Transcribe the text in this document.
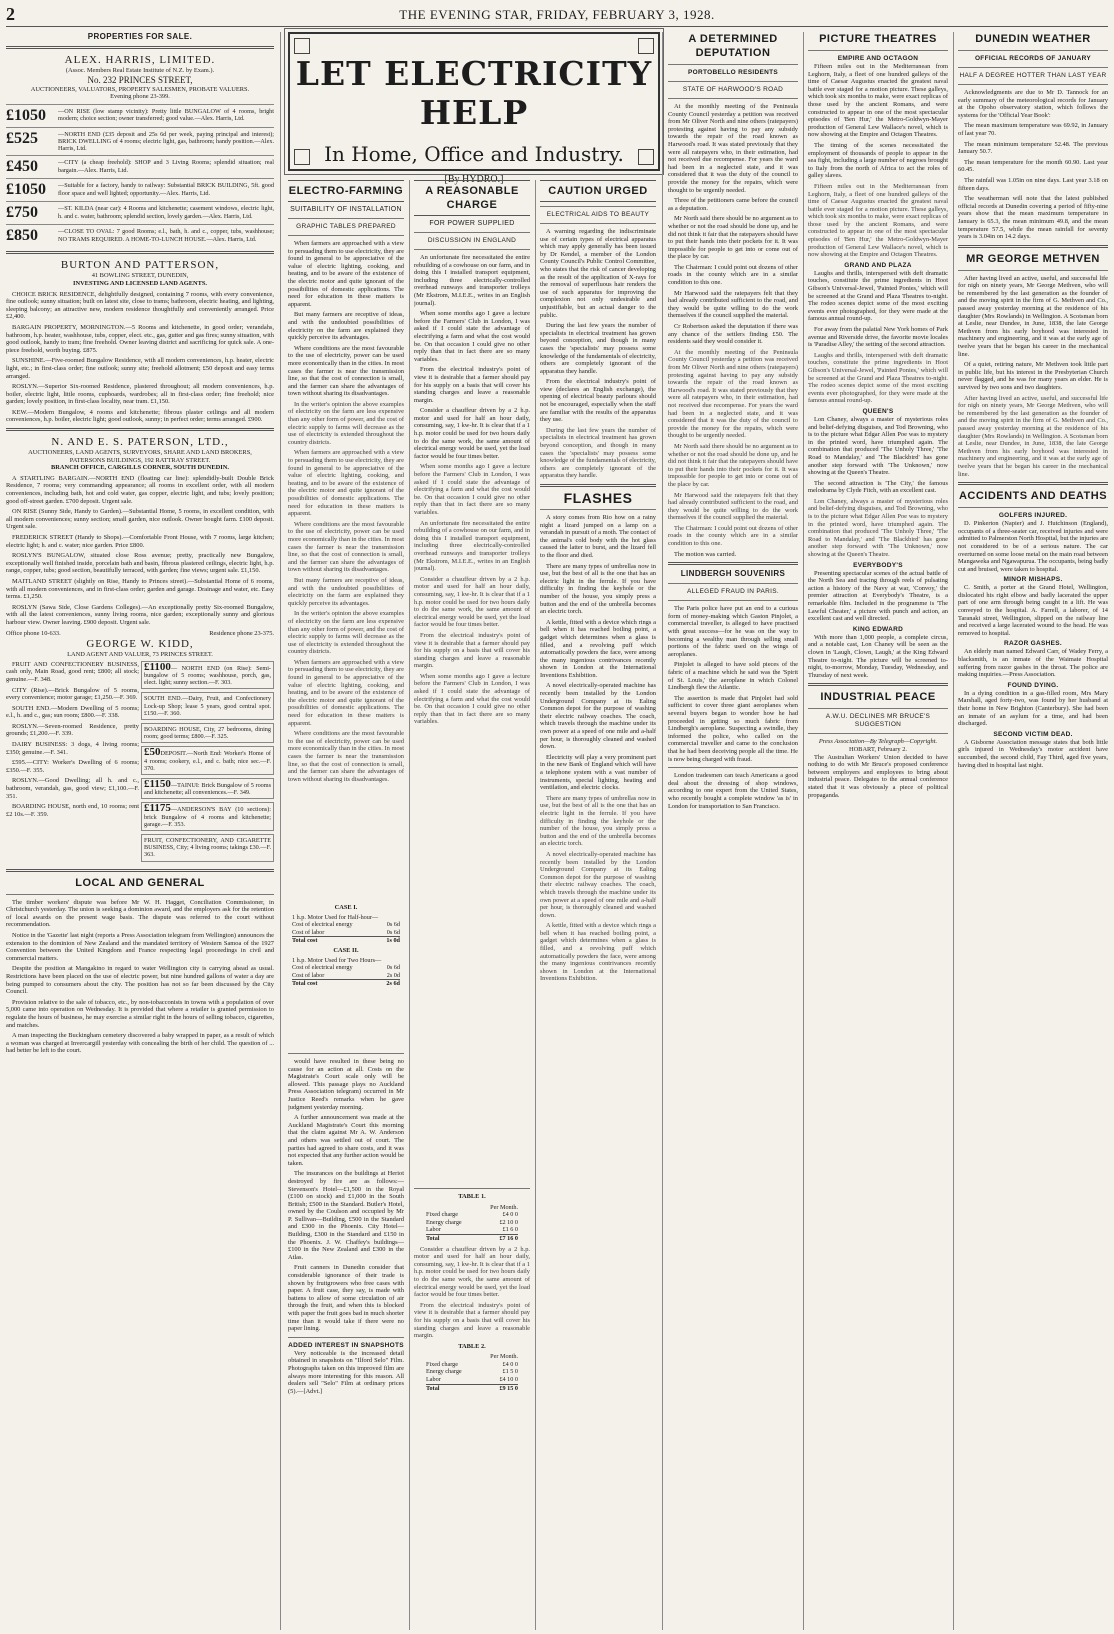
2	THE EVENING STAR, FRIDAY, FEBRUARY 3, 1928.
PROPERTIES FOR SALE.
ALEX. HARRIS, LIMITED.
(Assoc. Members Real Estate Institute of N.Z. by Exam.).
No. 232 PRINCES STREET,
AUCTIONEERS, VALUATORS, PROPERTY SALESMEN, PROBATE VALUERS.
Evening phone 23-399.
£1050	—ON RISE (low stamp vicinity): Pretty little BUNGALOW of 4 rooms, bright modern; choice section; owner transferred; good value.—Alex. Harris, Ltd.
£525	—NORTH END (£35 deposit and 25s 6d per week, paying principal and interest); BRICK DWELLING of 4 rooms; electric light, gas, bathroom; handy position.—Alex. Harris, Ltd.
£450	—CITY (a cheap freehold): SHOP and 3 Living Rooms; splendid situation; real bargain.—Alex. Harris, Ltd.
£1050	—Suitable for a factory, handy to railway: Substantial BRICK BUILDING, 5ft. good floor space and well lighted; opportunity.—Alex. Harris, Ltd.
£750	—ST. KILDA (near car): 4 Rooms and kitchenette; casement windows, electric light, h. and c. water, bathroom; splendid section, lovely garden.—Alex. Harris, Ltd.
£850	—CLOSE TO OVAL: 7 good Rooms; e.l., bath, h. and c., copper, tubs, washhouse; NO TRAMS REQUIRED. A HOME-TO-LUNCH HOUSE.—Alex. Harris, Ltd.
BURTON AND PATTERSON,
41 BOWLING STREET, DUNEDIN,
INVESTING AND LICENSED LAND AGENTS.

CHOICE BRICK RESIDENCE, delightfully designed, containing 7 rooms, with every convenience, fine outlook; sunny situation; built on latest site, close to trams; bathroom, electric heating, and lighting, sleeping balcony; an attractive new, modern residence thoughtfully and conveniently arranged. Price £2,400.

BARGAIN PROPERTY, MORNINGTON.—5 Rooms and kitchenette, in good order; verandahs, bathroom, h.p. heater, washhouse, tubs, copper, elect. etc., gas, gutter and gas fires; sunny situation, with good outlook, handy to tram; fine freehold. Owner leaving district and sacrificing for quick sale. A one-piece freehold, worth buying. £875.

SUNSHINE.—Five-roomed Bungalow Residence, with all modern conveniences, h.p. heater, electric light, etc.; in first-class order; fine outlook; sunny site; freehold allotment; £50 deposit and easy terms arranged.

ROSLYN.—Superior Six-roomed Residence, plastered throughout; all modern conveniences, h.p. boiler, electric light, little rooms, cupboards, wardrobes; all in first-class order; fine freehold; nice garden; lovely position, in first-class locality, near tram. £1,150.

KEW.—Modern Bungalow, 4 rooms and kitchenette; fibrous plaster ceilings and all modern conveniences, h.p. boiler, electric light; good outlook, sunny; in perfect order; terms arranged. £900.

N. AND E. S. PATERSON, LTD.,
AUCTIONEERS, LAND AGENTS, SURVEYORS, SHARE AND LAND BROKERS,
PATERSONS BUILDINGS, 192 RATTRAY STREET.
BRANCH OFFICE, CARGILLS CORNER, SOUTH DUNEDIN.

A STARTLING BARGAIN.—NORTH END (floating car line): splendidly-built Double Brick Residence, 7 rooms; very commanding appearance; all rooms in excellent order, with all modern conveniences, including bath, hot and cold water, gas copper, electric light, and tubs; lovely position; good off-street garden. £700 deposit. Urgent sale.

ON RISE (Sunny Side, Handy to Garden).—Substantial Home, 5 rooms, in excellent condition, with all modern conveniences; sunny section; small garden, nice outlook. Owner bought farm. £100 deposit. Urgent sale.

FREDERICK STREET (Handy to Shops).—Comfortable Front House, with 7 rooms, large kitchen; electric light; h. and c. water; nice garden. Price £800.

ROSLYN'S BUNGALOW, situated close Ross avenue; pretty, practically new Bungalow, exceptionally well finished inside, porcelain bath and basin, fibrous plastered ceilings, electric light, h.p. range, copper, tubs; good section, beautifully terraced, with garden; fine views; urgent sale. £1,150.

MAITLAND STREET (slightly on Rise, Handy to Princes street).—Substantial Home of 6 rooms, with all modern conveniences, and in first-class order; garden and garage. Drainage and water, etc. Easy terms. £1,250.

ROSLYN (Sawa Side, Close Gardens Colleges).—An exceptionally pretty Six-roomed Bungalow, with all the latest conveniences, sunny living rooms, nice garden; exceptionally sunny and glorious harbour view. Owner leaving. £900 deposit. Urgent sale.

Office phone 10-633.	Residence phone 23-375.
GEORGE W. KIDD,
LAND AGENT AND VALUER, 73 PRINCES STREET.

FRUIT AND CONFECTIONERY BUSINESS, cash only, Main Road, good rent; £800; all stock; genuine.—F. 348.

CITY (Rise).—Brick Bungalow of 5 rooms, every convenience; motor garage; £1,250.—F. 369.

SOUTH END.—Modern Dwelling of 5 rooms; e.l., h. and c., gas; sun room; £800.—F. 338.

ROSLYN.—Seven-roomed Residence, pretty grounds; £1,200.—F. 339.

DAIRY BUSINESS: 3 dogs, 4 living rooms; £350; genuine.—F. 341.

£595.—CITY: Worker's Dwelling of 6 rooms; £350.—F. 355.

ROSLYN.—Good Dwelling; all h. and c., bathroom, verandah, gas, good view; £1,100.—F. 351.

BOARDING HOUSE, north end, 10 rooms; rent £2 10s.—F. 359.

£1100— NORTH END (on Rise): Semi-bungalow of 5 rooms; washhouse, porch, gas, elect. light; sunny section.—F. 303.
SOUTH END.—Dairy, Fruit, and Confectionery Lock-up Shop; lease 5 years, good central spot. £150.—F. 360.
BOARDING HOUSE, City, 27 bedrooms, dining room; good terms; £800.—F. 325.
£50DEPOSIT.—North End: Worker's Home of 4 rooms; cookery, e.l., and c. bath; nice sec.—F. 370.
£1150—TAINUI: Brick Bungalow of 5 rooms and kitchenette; all conveniences.—F. 349.
£1175—ANDERSON'S BAY (10 sections): brick Bungalow of 4 rooms and kitchenette; garage.—F. 353.
FRUIT, CONFECTIONERY, AND CIGARETTE BUSINESS, City; 4 living rooms; takings £30.—F. 363.
LOCAL AND GENERAL

The timber workers' dispute was before Mr W. H. Hagget, Conciliation Commissioner, in Christchurch yesterday. The union is seeking a dominion award, and the employers ask for the retention of local awards on the present wage basis. The dispute was referred to the court without recommendation.

Notice in the 'Gazette' last night (reports a Press Association telegram from Wellington) announces the extension to the dominion of New Zealand and the mandated territory of Western Samoa of the 1927 Convention between the United Kingdom and France respecting legal proceedings in civil and commercial matters.

Despite the position at Mangakino in regard to water Wellington city is carrying ahead as usual. Restrictions have been placed on the use of electric power, but nine hundred gallons of water a day are being pumped to consumers about the city. The position has not so far been discussed by the City Council.

Provision relative to the sale of tobacco, etc., by non-tobacconists in towns with a population of over 5,000 came into operation on Wednesday. It is provided that where a retailer is granted permission to regulate the hours of business, he may exercise a similar right in the hours of selling tobacco, cigarettes, and matches.

A man inspecting the Buckingham cemetery discovered a baby wrapped in paper, as a result of which a woman was charged at Invercargill yesterday with concealing the birth of her child. The question of ... had better be left to the court.

LET ELECTRICITY HELP
In Home, Office and Industry.
[By HYDRO.]
ELECTRO-FARMING
SUITABILITY OF INSTALLATION
GRAPHIC TABLES PREPARED

When farmers are approached with a view to persuading them to use electricity, they are found in general to be appreciative of the value of electric lighting, cooking, and heating, and to be aware of the existence of the electric motor and quite ignorant of the possibilities of domestic applications. The need for education in these matters is apparent.

But many farmers are receptive of ideas, and with the undoubted possibilities of electricity on the farm are explained they quickly perceive its advantages.

Where conditions are the most favourable to the use of electricity, power can be used more economically than in the cities. In most cases the farmer is near the transmission line, so that the cost of connection is small, and the farmer can share the advantages of town without sharing its disadvantages.

In the writer's opinion the above examples of electricity on the farm are less expensive than any other form of power, and the cost of electric supply to farms will decrease as the use of electricity is extended throughout the country districts.

When farmers are approached with a view to persuading them to use electricity, they are found in general to be appreciative of the value of electric lighting, cooking, and heating, and to be aware of the existence of the electric motor and quite ignorant of the possibilities of domestic applications. The need for education in these matters is apparent.

Where conditions are the most favourable to the use of electricity, power can be used more economically than in the cities. In most cases the farmer is near the transmission line, so that the cost of connection is small, and the farmer can share the advantages of town without sharing its disadvantages.

But many farmers are receptive of ideas, and with the undoubted possibilities of electricity on the farm are explained they quickly perceive its advantages.

In the writer's opinion the above examples of electricity on the farm are less expensive than any other form of power, and the cost of electric supply to farms will decrease as the use of electricity is extended throughout the country districts.

When farmers are approached with a view to persuading them to use electricity, they are found in general to be appreciative of the value of electric lighting, cooking, and heating, and to be aware of the existence of the electric motor and quite ignorant of the possibilities of domestic applications. The need for education in these matters is apparent.

Where conditions are the most favourable to the use of electricity, power can be used more economically than in the cities. In most cases the farmer is near the transmission line, so that the cost of connection is small, and the farmer can share the advantages of town without sharing its disadvantages.

would have resulted in these being no cause for an action at all. Costs on the Magistrate's Court scale only will be allowed. This passage plays no Auckland Press Association telegram) occurred in Mr Justice Reed's remarks when he gave judgment yesterday morning.

A further announcement was made at the Auckland Magistrate's Court this morning that the claim against Mr A. W. Anderson and others was settled out of court. The parties had agreed to share costs, and it was not expected that any further action would be taken.

The insurances on the buildings at Heriot destroyed by fire are as follows:—Stevenson's Hotel—£1,500 in the Royal (£100 on stock) and £1,000 in the South British; £500 in the Standard. Butler's Hotel, owned by the Coulson and occupied by Mr P. Sullivan—Building, £500 in the Standard and £300 in the Phoenix. City Hotel—Building, £300 in the Standard and £150 in the Phoenix. J. W. Chaffey's buildings—£100 in the New Zealand and £300 in the Atlas.

Fruit canners in Dunedin consider that considerable ignorance of their trade is shown by fruitgrowers who free cases with paper. A fruit case, they say, is made with battens to allow of some circulation of air through the fruit, and when this is blocked with paper the fruit goes bad in much shorter time than it would take if there were no paper lining.

ADDED INTEREST IN SNAPSHOTS

Very noticeable is the increased detail obtained in snapshots on "Ilford Selo" Film. Photographs taken on this improved film are always more interesting for this reason. All dealers sell "Selo" Film at ordinary prices (5).—[Advt.]

A REASONABLE CHARGE
FOR POWER SUPPLIED
DISCUSSION IN ENGLAND

An unfortunate fire necessitated the entire rebuilding of a cowhouse on our farm, and in doing this I installed transport equipment, including three electrically-controlled overhead runways and transporter trolleys (Mr Ekstrom, M.I.E.E., writes in an English journal).

When some months ago I gave a lecture before the Farmers' Club in London, I was asked if I could state the advantage of electrifying a farm and what the cost would be. On that occasion I could give no other reply than that in fact there are so many variables.

From the electrical industry's point of view it is desirable that a farmer should pay for his supply on a basis that will cover his standing charges and leave a reasonable margin.

Consider a chauffeur driven by a 2 h.p. motor and used for half an hour daily, consuming, say, 1 kw-hr. It is clear that if a 1 h.p. motor could be used for two hours daily to do the same work, the same amount of electrical energy would be used, yet the load factor would be four times better.

When some months ago I gave a lecture before the Farmers' Club in London, I was asked if I could state the advantage of electrifying a farm and what the cost would be. On that occasion I could give no other reply than that in fact there are so many variables.

An unfortunate fire necessitated the entire rebuilding of a cowhouse on our farm, and in doing this I installed transport equipment, including three electrically-controlled overhead runways and transporter trolleys (Mr Ekstrom, M.I.E.E., writes in an English journal).

Consider a chauffeur driven by a 2 h.p. motor and used for half an hour daily, consuming, say, 1 kw-hr. It is clear that if a 1 h.p. motor could be used for two hours daily to do the same work, the same amount of electrical energy would be used, yet the load factor would be four times better.

From the electrical industry's point of view it is desirable that a farmer should pay for his supply on a basis that will cover his standing charges and leave a reasonable margin.

When some months ago I gave a lecture before the Farmers' Club in London, I was asked if I could state the advantage of electrifying a farm and what the cost would be. On that occasion I could give no other reply than that in fact there are so many variables.

TABLE 1.
Per Month.
Fixed charge	£4 0 0
Energy charge	£2 10 0
Labor	£1 6 0
Total	£7 16 0

Consider a chauffeur driven by a 2 h.p. motor and used for half an hour daily, consuming, say, 1 kw-hr. It is clear that if a 1 h.p. motor could be used for two hours daily to do the same work, the same amount of electrical energy would be used, yet the load factor would be four times better.

From the electrical industry's point of view it is desirable that a farmer should pay for his supply on a basis that will cover his standing charges and leave a reasonable margin.

TABLE 2.
Per Month.
Fixed charge	£4 0 0
Energy charge	£1 5 0
Labor	£4 10 0
Total	£9 15 0
CASE I.
1 h.p. Motor Used for Half-hour—
Cost of electrical energy	0s 6d
Cost of labor	0s 6d
Total cost	1s 0d
CASE II.
1 h.p. Motor Used for Two Hours—
Cost of electrical energy	0s 6d
Cost of labor	2s 0d
Total cost	2s 6d
CAUTION URGED
ELECTRICAL AIDS TO BEAUTY

A warning regarding the indiscriminate use of certain types of electrical apparatus which may apply generally has been issued by Dr Kendel, a member of the London County Council's Public Control Committee, who states that the risk of cancer developing as the result of the application of X-rays for the removal of superfluous hair renders the use of such apparatus for improving the complexion not only undesirable and unjustifiable, but an actual danger to the public.

During the last few years the number of specialists in electrical treatment has grown beyond conception, and though in many cases the 'specialists' may possess some knowledge of the fundamentals of electricity, others are completely ignorant of the apparatus they handle.

From the electrical industry's point of view (declares an English exchange), the opening of electrical beauty parlours should not be encouraged, especially when the staff are familiar with the results of the apparatus they use.

During the last few years the number of specialists in electrical treatment has grown beyond conception, and though in many cases the 'specialists' may possess some knowledge of the fundamentals of electricity, others are completely ignorant of the apparatus they handle.

FLASHES

A story comes from Rio how on a rainy night a lizard jumped on a lamp on a verandah in pursuit of a moth. The contact of the animal's cold body with the hot glass caused the latter to burst, and the lizard fell to the floor and died.

There are many types of umbrellas now in use, but the best of all is the one that has an electric light in the ferrule. If you have difficulty in finding the keyhole or the number of the house, you simply press a button and the end of the umbrella becomes an electric torch.

A kettle, fitted with a device which rings a bell when it has reached boiling point, a gadget which determines when a glass is filled, and a revolving puff which automatically powders the face, were among the many ingenious contrivances recently shown in London at the International Inventions Exhibition.

A novel electrically-operated machine has recently been installed by the London Underground Company at its Ealing Common depot for the purpose of washing their electric railway coaches. The coach, which travels through the machine under its own power at a speed of one mile and a-half per hour, is thoroughly cleaned and washed down.

Electricity will play a very prominent part in the new Bank of England which will have a telephone system with a vast number of instruments, special lighting, heating and ventilation, and electric clocks.

There are many types of umbrellas now in use, but the best of all is the one that has an electric light in the ferrule. If you have difficulty in finding the keyhole or the number of the house, you simply press a button and the end of the umbrella becomes an electric torch.

A novel electrically-operated machine has recently been installed by the London Underground Company at its Ealing Common depot for the purpose of washing their electric railway coaches. The coach, which travels through the machine under its own power at a speed of one mile and a-half per hour, is thoroughly cleaned and washed down.

A kettle, fitted with a device which rings a bell when it has reached boiling point, a gadget which determines when a glass is filled, and a revolving puff which automatically powders the face, were among the many ingenious contrivances recently shown in London at the International Inventions Exhibition.

A DETERMINED DEPUTATION
PORTOBELLO RESIDENTS
STATE OF HARWOOD'S ROAD

At the monthly meeting of the Peninsula County Council yesterday a petition was received from Mr Oliver North and nine others (ratepayers) protesting against having to pay any subsidy towards the repair of the road known as Harwood's road. It was stated previously that they were all ratepayers who, in their estimation, had not received due recompense. For years the ward had been in a neglected state, and it was considered that it was the duty of the council to provide the money for the repairs, which were thought to be urgently needed.

Three of the petitioners came before the council as a deputation.

Mr North said there should be no argument as to whether or not the road should be done up, and he did not think it fair that the ratepayers should have to put their hands into their pockets for it. It was impossible for people to get into or come out of the place by car.

The Chairman: I could point out dozens of other roads in the county which are in a similar condition to this one.

Mr Harwood said the ratepayers felt that they had already contributed sufficient to the road, and they would be quite willing to do the work themselves if the council supplied the material.

Cr Robertson asked the deputation if there was any chance of the settlers finding £50. The residents said they would consider it.

At the monthly meeting of the Peninsula County Council yesterday a petition was received from Mr Oliver North and nine others (ratepayers) protesting against having to pay any subsidy towards the repair of the road known as Harwood's road. It was stated previously that they were all ratepayers who, in their estimation, had not received due recompense. For years the ward had been in a neglected state, and it was considered that it was the duty of the council to provide the money for the repairs, which were thought to be urgently needed.

Mr North said there should be no argument as to whether or not the road should be done up, and he did not think it fair that the ratepayers should have to put their hands into their pockets for it. It was impossible for people to get into or come out of the place by car.

Mr Harwood said the ratepayers felt that they had already contributed sufficient to the road, and they would be quite willing to do the work themselves if the council supplied the material.

The Chairman: I could point out dozens of other roads in the county which are in a similar condition to this one.

The motion was carried.

LINDBERGH SOUVENIRS
ALLEGED FRAUD IN PARIS.

The Paris police have put an end to a curious form of money-making which Gaston Pinjolet, a commercial traveller, is alleged to have practised with great success—for he was on the way to becoming a wealthy man through selling small portions of the fabric used on the wings of aeroplanes.

Pinjolet is alleged to have sold pieces of the fabric of a machine which he said was the 'Spirit of St. Louis,' the aeroplane in which Colonel Lindbergh flew the Atlantic.

The assertion is made that Pinjolet had sold sufficient to cover three giant aeroplanes when several buyers began to wonder how he had proceeded in getting so much fabric from Lindbergh's aeroplane. Suspecting a swindle, they informed the police, who called on the commercial traveller and came to the conclusion that he had been deceiving people all the time. He is now being charged with fraud.

London tradesmen can teach Americans a good deal about the dressing of shop windows, according to one expert from the United States, who recently bought a complete window 'as is' in London for transportation to San Francisco.

PICTURE THEATRES
EMPIRE AND OCTAGON

Fifteen miles out in the Mediterranean from Leghorn, Italy, a fleet of one hundred galleys of the time of Caesar Augustus enacted the greatest naval battle ever staged for a motion picture. These galleys, which took six months to make, were exact replicas of those used by the ancient Romans, and were constructed to appear in one of the most spectacular episodes of 'Ben Hur,' the Metro-Goldwyn-Mayer production of General Lew Wallace's novel, which is now showing at the Empire and Octagon Theatres.

The timing of the scenes necessitated the employment of thousands of people to appear in the sea fight, including a large number of negroes brought to Italy from the north of Africa to act the roles of galley slaves.

Fifteen miles out in the Mediterranean from Leghorn, Italy, a fleet of one hundred galleys of the time of Caesar Augustus enacted the greatest naval battle ever staged for a motion picture. These galleys, which took six months to make, were exact replicas of those used by the ancient Romans, and were constructed to appear in one of the most spectacular episodes of 'Ben Hur,' the Metro-Goldwyn-Mayer production of General Lew Wallace's novel, which is now showing at the Empire and Octagon Theatres.

GRAND AND PLAZA

Laughs and thrills, interspersed with deft dramatic touches, constitute the prime ingredients in Hoot Gibson's Universal-Jewel, 'Painted Ponies,' which will be screened at the Grand and Plaza Theatres to-night. The rodeo scenes depict some of the most exciting events ever photographed, for they were made at the famous annual round-up.

For away from the palatial New York homes of Park avenue and Riverside drive, the favorite movie locales is 'Paradise Alley,' the setting of the second attraction.

Laughs and thrills, interspersed with deft dramatic touches, constitute the prime ingredients in Hoot Gibson's Universal-Jewel, 'Painted Ponies,' which will be screened at the Grand and Plaza Theatres to-night. The rodeo scenes depict some of the most exciting events ever photographed, for they were made at the famous annual round-up.

QUEEN'S

Lon Chaney, always a master of mysterious roles and belief-defying disguises, and Tod Browning, who is to the picture what Edgar Allen Poe was to mystery in the printed word, have triumphed again. The combination that produced 'The Unholy Three,' 'The Road to Mandalay,' and 'The Blackbird' has gone another step forward with 'The Unknown,' now showing at the Queen's Theatre.

The second attraction is 'The City,' the famous melodrama by Clyde Fitch, with an excellent cast.

Lon Chaney, always a master of mysterious roles and belief-defying disguises, and Tod Browning, who is to the picture what Edgar Allen Poe was to mystery in the printed word, have triumphed again. The combination that produced 'The Unholy Three,' 'The Road to Mandalay,' and 'The Blackbird' has gone another step forward with 'The Unknown,' now showing at the Queen's Theatre.

EVERYBODY'S

Presenting spectacular scenes of the actual battle of the North Sea and tracing through reels of pulsating action a history of the Navy at war, 'Convoy,' the premier attraction at Everybody's Theatre, is a remarkable film. Included in the programme is 'The Lawful Cheater,' a picture with punch and action, an excellent cast and well directed.

KING EDWARD

With more than 1,000 people, a complete circus, and a notable cast, Lon Chaney will be seen as the clown in 'Laugh, Clown, Laugh,' at the King Edward Theatre to-night. The picture will be screened to-night, to-morrow, Monday, Tuesday, Wednesday, and Thursday of next week.

INDUSTRIAL PEACE
A.W.U. DECLINES MR BRUCE'S SUGGESTION
Press Association—By Telegraph—Copyright.
HOBART, February 2.

The Australian Workers' Union decided to have nothing to do with Mr Bruce's proposed conference between employers and employees to bring about industrial peace. Delegates to the annual conference stated that it was obviously a piece of political propaganda.

DUNEDIN WEATHER
OFFICIAL RECORDS OF JANUARY
HALF A DEGREE HOTTER THAN LAST YEAR

Acknowledgments are due to Mr D. Tannock for an early summary of the meteorological records for January at the Opoho observatory station, which follows the systems for the 'Official Year Book':

The mean maximum temperature was 69.92, in January of last year 70.

The mean minimum temperature 52.48. The previous January 50.7.

The mean temperature for the month 60.90. Last year 60.45.

The rainfall was 1.05in on nine days. Last year 3.18 on fifteen days.

The weatherman will note that the latest published official records at Dunedin covering a period of fifty-nine years show that the mean maximum temperature in January is 65.3, the mean minimum 49.8, and the mean temperature 57.5, while the mean rainfall for seventy years is 3.04in on 14.2 days.

MR GEORGE METHVEN

After having lived an active, useful, and successful life for nigh on ninety years, Mr George Methven, who will be remembered by the last generation as the founder of and the moving spirit in the firm of G. Methven and Co., passed away yesterday morning at the residence of his daughter (Mrs Rowlands) in Wellington. A Scotsman born at Leslie, near Dundee, in June, 1838, the late George Methven from his early boyhood was interested in machinery and engineering, and it was at the early age of twelve years that he began his career in the mechanical line.

Of a quiet, retiring nature, Mr Methven took little part in public life, but his interest in the Presbyterian Church never flagged, and he was for many years an elder. He is survived by two sons and two daughters.

After having lived an active, useful, and successful life for nigh on ninety years, Mr George Methven, who will be remembered by the last generation as the founder of and the moving spirit in the firm of G. Methven and Co., passed away yesterday morning at the residence of his daughter (Mrs Rowlands) in Wellington. A Scotsman born at Leslie, near Dundee, in June, 1838, the late George Methven from his early boyhood was interested in machinery and engineering, and it was at the early age of twelve years that he began his career in the mechanical line.

ACCIDENTS AND DEATHS
GOLFERS INJURED.

D. Pinkerton (Napier) and J. Hutchinson (England), occupants of a three-seater car, received injuries and were admitted to Palmerston North Hospital, but the injuries are not considered to be of a serious nature. The car overturned on some loose metal on the main road between Mangaweka and Ngawapurua. The occupants, being badly cut and bruised, were taken to hospital.

MINOR MISHAPS.

C. Smith, a porter at the Grand Hotel, Wellington, dislocated his right elbow and badly lacerated the upper part of one arm through being caught in a lift. He was conveyed to the hospital. A. Farrell, a laborer, of 14 Taranaki street, Wellington, slipped on the railway line and received a large lacerated wound to the head. He was removed to hospital.

RAZOR GASHES.

An elderly man named Edward Carr, of Wadey Ferry, a blacksmith, is an inmate of the Waimate Hospital suffering from razor gashes in the throat. The police are making inquiries.—Press Association.

FOUND DYING.

In a dying condition in a gas-filled room, Mrs Mary Marshall, aged forty-two, was found by her husband at their home in New Brighton (Canterbury). She had been an inmate of an asylum for a time, and had been discharged.

SECOND VICTIM DEAD.

A Gisborne Association message states that both little girls injured in Wednesday's motor accident have succumbed, the second child, Fay Third, aged five years, having died in hospital last night.
